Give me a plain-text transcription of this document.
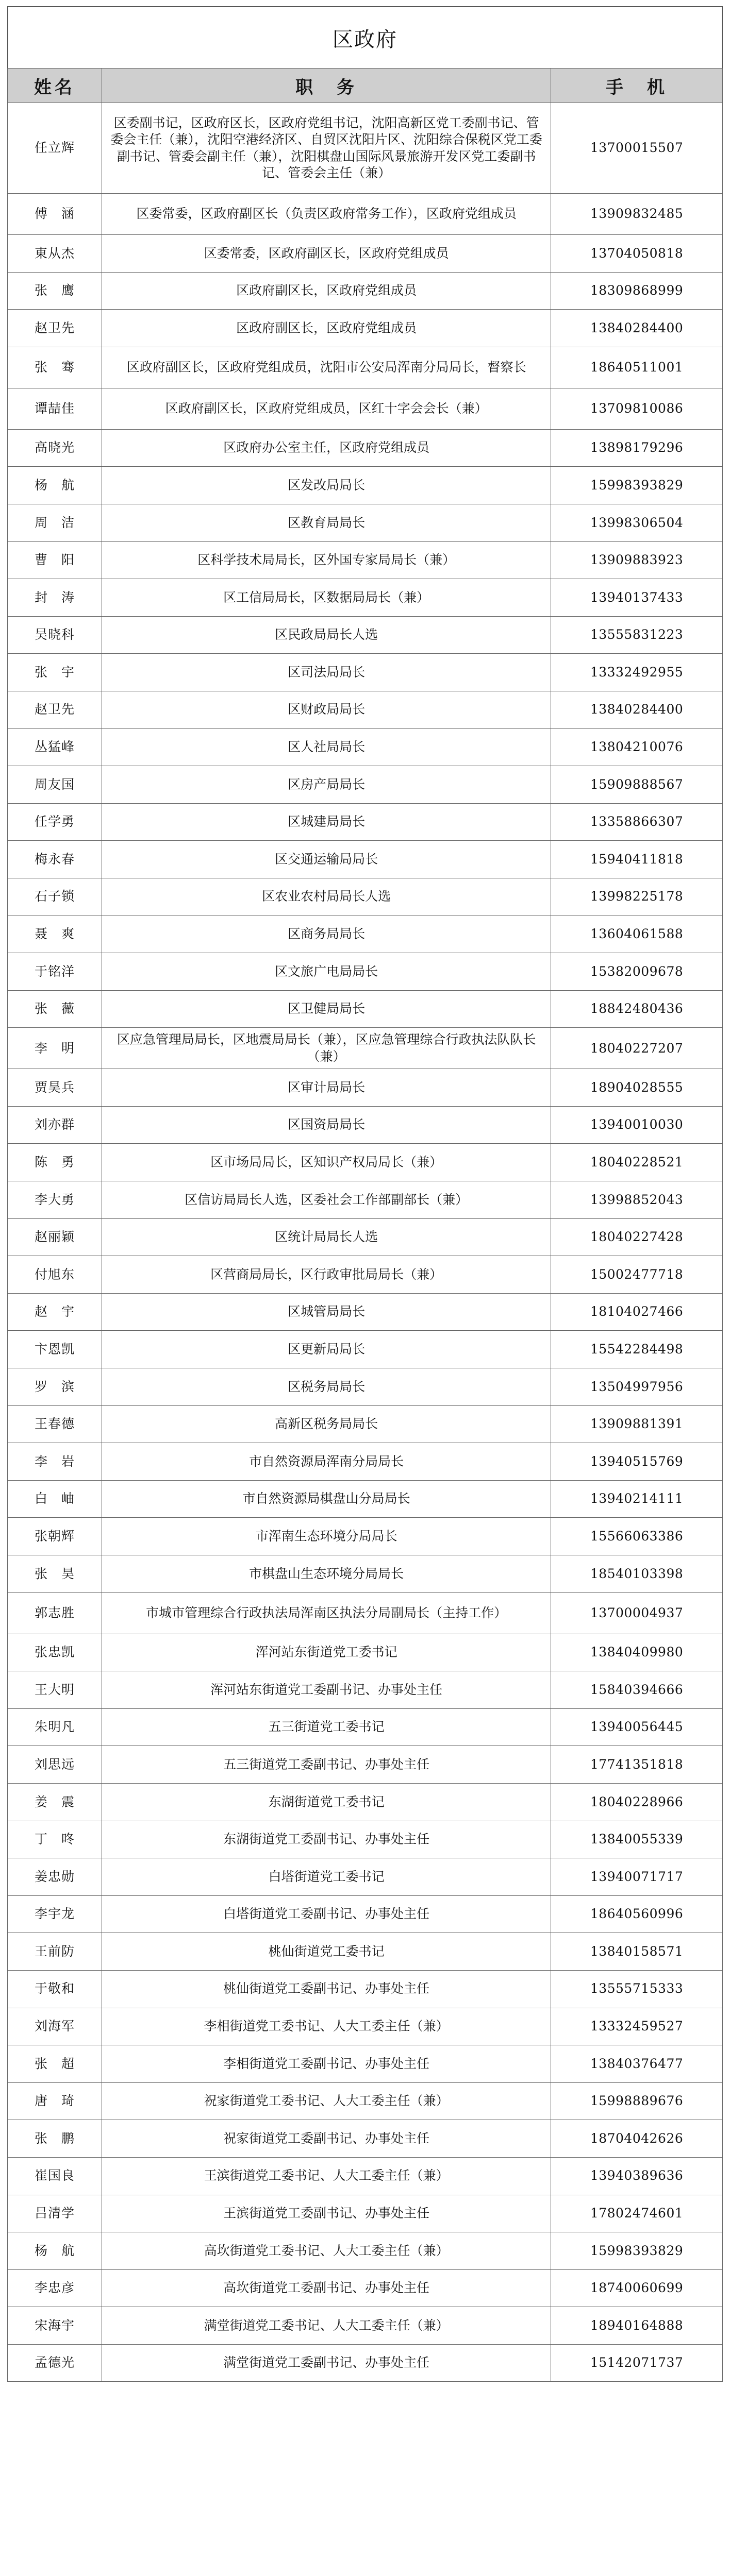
区政府
姓名	职　务	手　机
任立辉	区委副书记，区政府区长，区政府党组书记，沈阳高新区党工委副书记、管委会主任（兼），沈阳空港经济区、自贸区沈阳片区、沈阳综合保税区党工委副书记、管委会副主任（兼），沈阳棋盘山国际风景旅游开发区党工委副书记、管委会主任（兼）	13700015507
傅　涵	区委常委，区政府副区长（负责区政府常务工作），区政府党组成员	13909832485
東从杰	区委常委，区政府副区长，区政府党组成员	13704050818
张　鹰	区政府副区长，区政府党组成员	18309868999
赵卫先	区政府副区长，区政府党组成员	13840284400
张　骞	区政府副区长，区政府党组成员，沈阳市公安局浑南分局局长，督察长	18640511001
谭喆佳	区政府副区长，区政府党组成员，区红十字会会长（兼）	13709810086
高晓光	区政府办公室主任，区政府党组成员	13898179296
杨　航	区发改局局长	15998393829
周　洁	区教育局局长	13998306504
曹　阳	区科学技术局局长，区外国专家局局长（兼）	13909883923
封　涛	区工信局局长，区数据局局长（兼）	13940137433
吴晓科	区民政局局长人选	13555831223
张　宇	区司法局局长	13332492955
赵卫先	区财政局局长	13840284400
丛猛峰	区人社局局长	13804210076
周友国	区房产局局长	15909888567
任学勇	区城建局局长	13358866307
梅永春	区交通运输局局长	15940411818
石子锁	区农业农村局局长人选	13998225178
聂　爽	区商务局局长	13604061588
于铭洋	区文旅广电局局长	15382009678
张　薇	区卫健局局长	18842480436
李　明	区应急管理局局长，区地震局局长（兼），区应急管理综合行政执法队队长（兼）	18040227207
贾昊兵	区审计局局长	18904028555
刘亦群	区国资局局长	13940010030
陈　勇	区市场局局长，区知识产权局局长（兼）	18040228521
李大勇	区信访局局长人选，区委社会工作部副部长（兼）	13998852043
赵丽颖	区统计局局长人选	18040227428
付旭东	区营商局局长，区行政审批局局长（兼）	15002477718
赵　宇	区城管局局长	18104027466
卞恩凯	区更新局局长	15542284498
罗　滨	区税务局局长	13504997956
王春德	高新区税务局局长	13909881391
李　岩	市自然资源局浑南分局局长	13940515769
白　岫	市自然资源局棋盘山分局局长	13940214111
张朝辉	市浑南生态环境分局局长	15566063386
张　昊	市棋盘山生态环境分局局长	18540103398
郭志胜	市城市管理综合行政执法局浑南区执法分局副局长（主持工作）	13700004937
张忠凯	浑河站东街道党工委书记	13840409980
王大明	浑河站东街道党工委副书记、办事处主任	15840394666
朱明凡	五三街道党工委书记	13940056445
刘思远	五三街道党工委副书记、办事处主任	17741351818
姜　震	东湖街道党工委书记	18040228966
丁　咚	东湖街道党工委副书记、办事处主任	13840055339
姜忠勋	白塔街道党工委书记	13940071717
李宇龙	白塔街道党工委副书记、办事处主任	18640560996
王前防	桃仙街道党工委书记	13840158571
于敬和	桃仙街道党工委副书记、办事处主任	13555715333
刘海军	李相街道党工委书记、人大工委主任（兼）	13332459527
张　超	李相街道党工委副书记、办事处主任	13840376477
唐　琦	祝家街道党工委书记、人大工委主任（兼）	15998889676
张　鹏	祝家街道党工委副书记、办事处主任	18704042626
崔国良	王滨街道党工委书记、人大工委主任（兼）	13940389636
吕清学	王滨街道党工委副书记、办事处主任	17802474601
杨　航	高坎街道党工委书记、人大工委主任（兼）	15998393829
李忠彦	高坎街道党工委副书记、办事处主任	18740060699
宋海宇	满堂街道党工委书记、人大工委主任（兼）	18940164888
孟德光	满堂街道党工委副书记、办事处主任	15142071737
